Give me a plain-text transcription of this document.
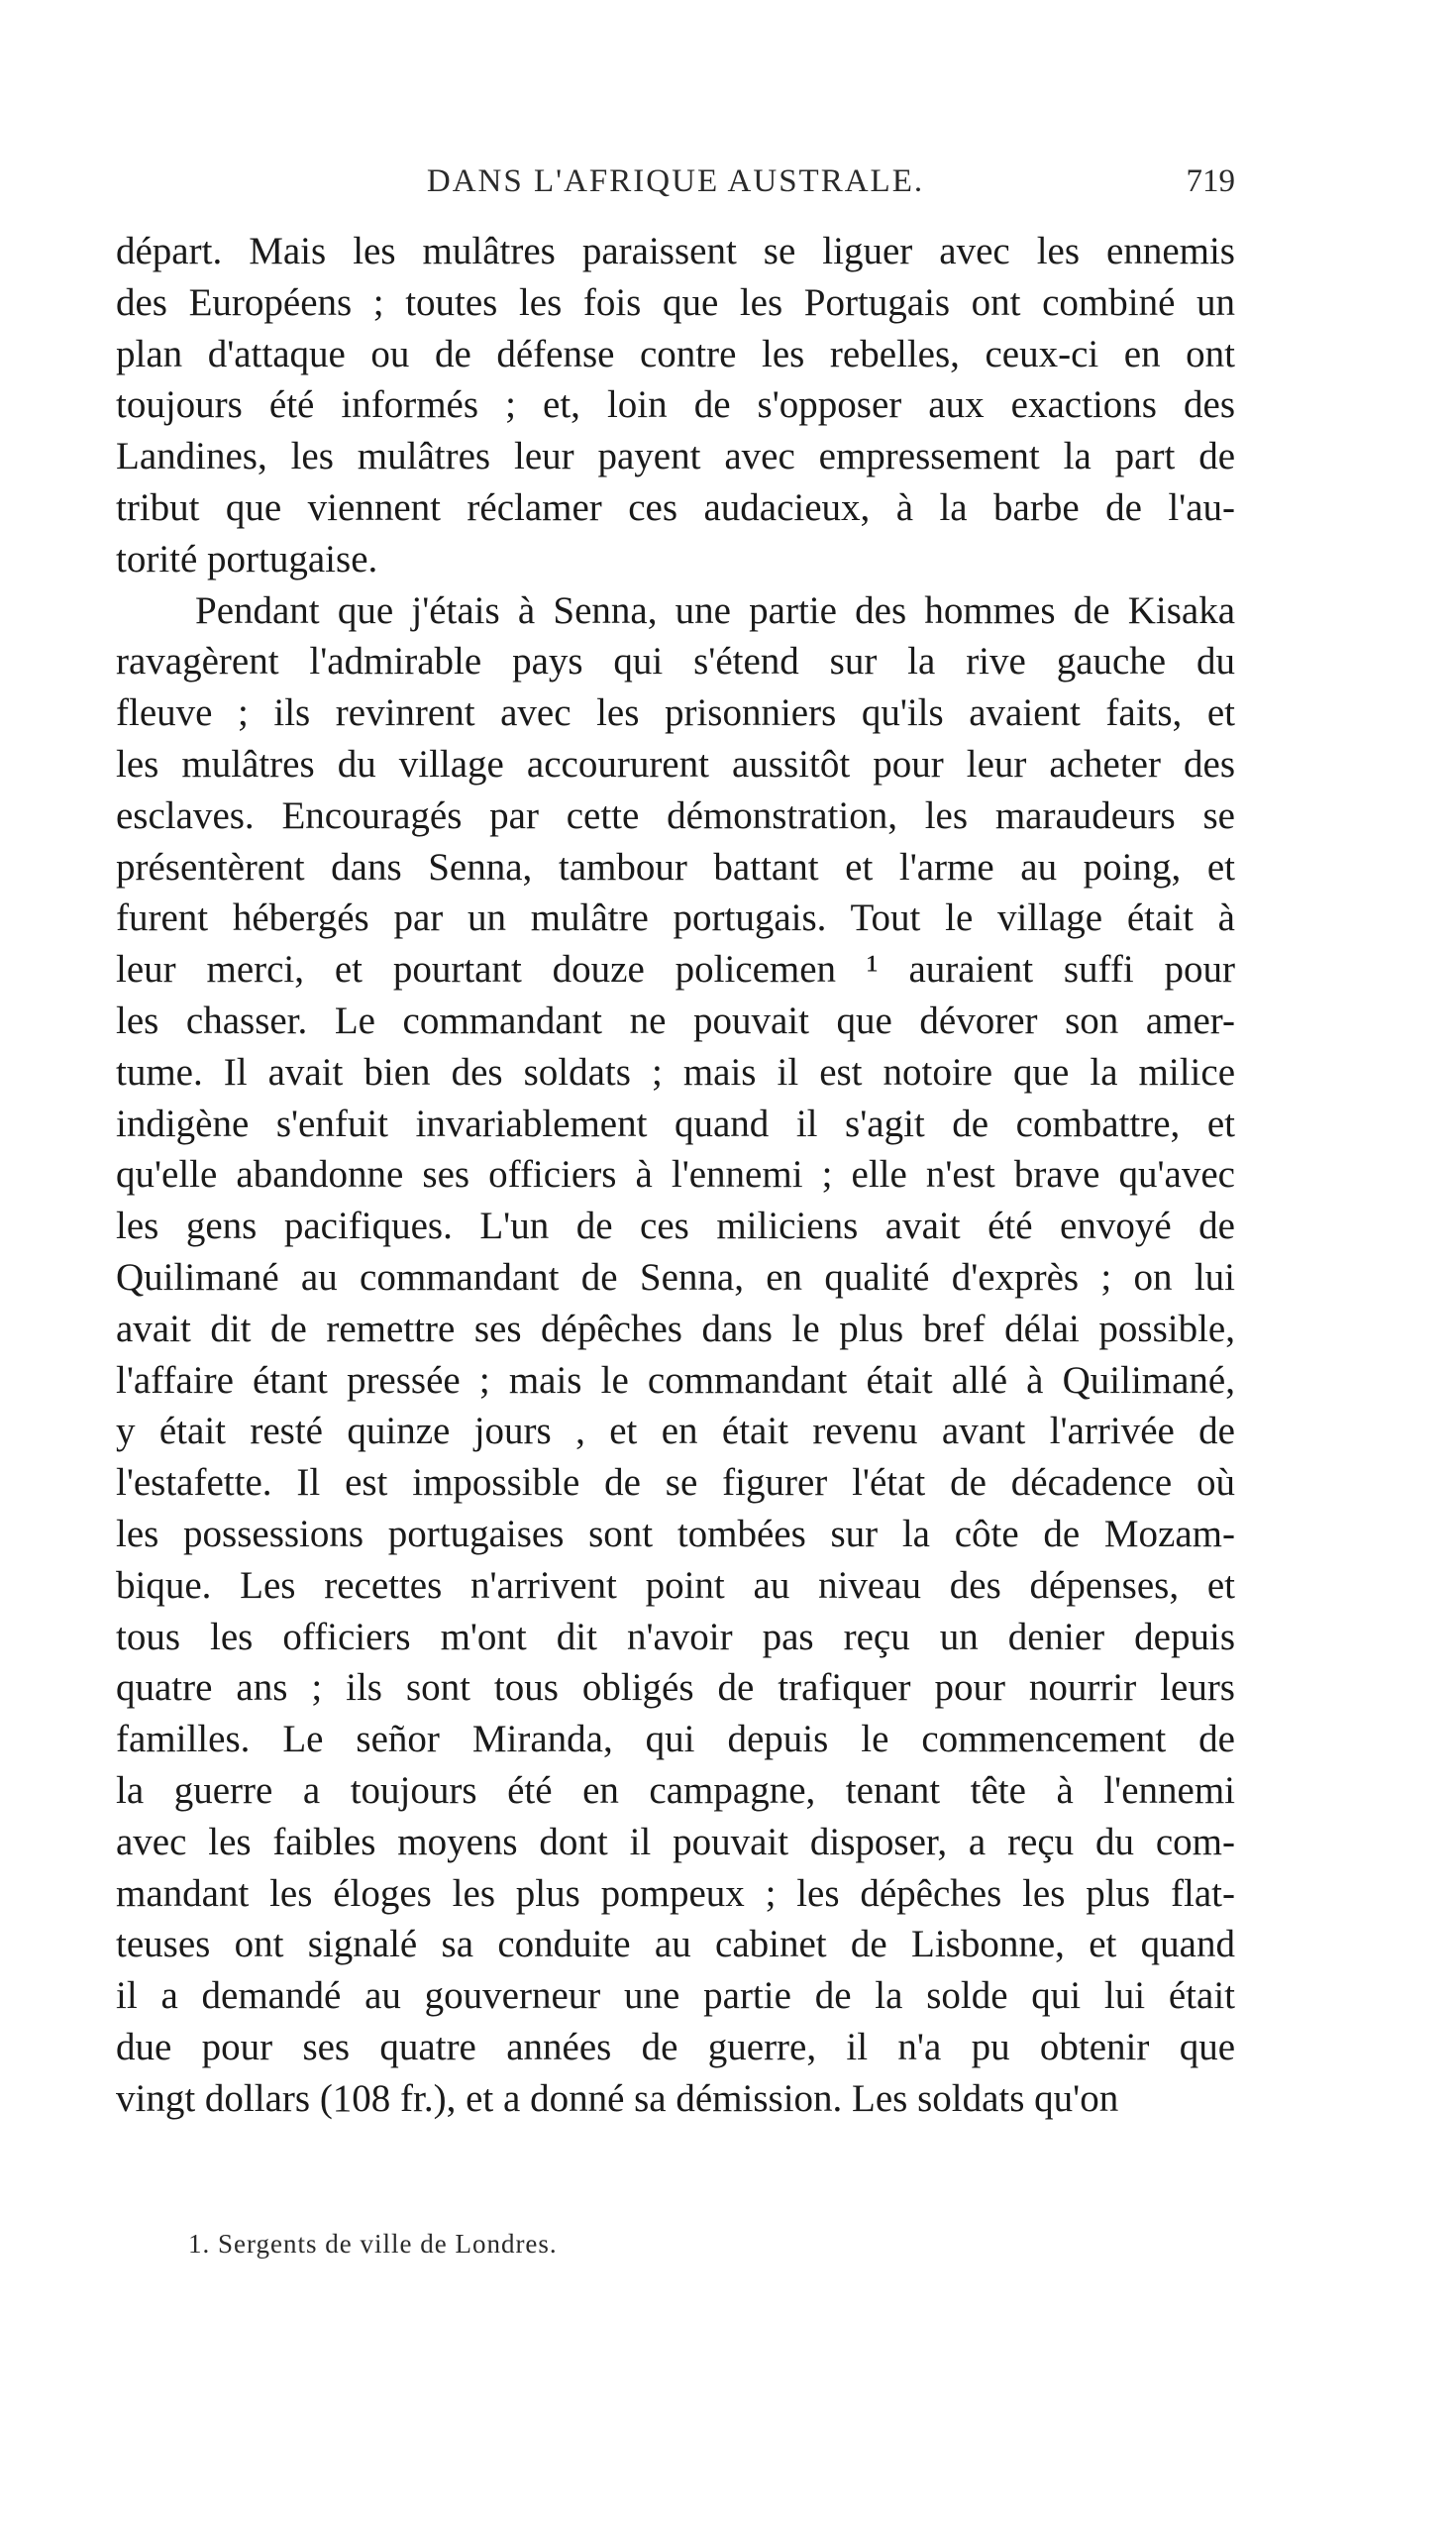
DANS L'AFRIQUE AUSTRALE.	719
départ. Mais les mulâtres paraissent se liguer avec les ennemis
des Européens ; toutes les fois que les Portugais ont combiné un
plan d'attaque ou de défense contre les rebelles, ceux-ci en ont
toujours été informés ; et, loin de s'opposer aux exactions des
Landines, les mulâtres leur payent avec empressement la part de
tribut que viennent réclamer ces audacieux, à la barbe de l'au-
torité portugaise.
Pendant que j'étais à Senna, une partie des hommes de Kisaka
ravagèrent l'admirable pays qui s'étend sur la rive gauche du
fleuve ; ils revinrent avec les prisonniers qu'ils avaient faits, et
les mulâtres du village accoururent aussitôt pour leur acheter des
esclaves. Encouragés par cette démonstration, les maraudeurs se
présentèrent dans Senna, tambour battant et l'arme au poing, et
furent hébergés par un mulâtre portugais. Tout le village était à
leur merci, et pourtant douze policemen ¹ auraient suffi pour
les chasser. Le commandant ne pouvait que dévorer son amer-
tume. Il avait bien des soldats ; mais il est notoire que la milice
indigène s'enfuit invariablement quand il s'agit de combattre, et
qu'elle abandonne ses officiers à l'ennemi ; elle n'est brave qu'avec
les gens pacifiques. L'un de ces miliciens avait été envoyé de
Quilimané au commandant de Senna, en qualité d'exprès ; on lui
avait dit de remettre ses dépêches dans le plus bref délai possible,
l'affaire étant pressée ; mais le commandant était allé à Quilimané,
y était resté quinze jours , et en était revenu avant l'arrivée de
l'estafette. Il est impossible de se figurer l'état de décadence où
les possessions portugaises sont tombées sur la côte de Mozam-
bique. Les recettes n'arrivent point au niveau des dépenses, et
tous les officiers m'ont dit n'avoir pas reçu un denier depuis
quatre ans ; ils sont tous obligés de trafiquer pour nourrir leurs
familles. Le señor Miranda, qui depuis le commencement de
la guerre a toujours été en campagne, tenant tête à l'ennemi
avec les faibles moyens dont il pouvait disposer, a reçu du com-
mandant les éloges les plus pompeux ; les dépêches les plus flat-
teuses ont signalé sa conduite au cabinet de Lisbonne, et quand
il a demandé au gouverneur une partie de la solde qui lui était
due pour ses quatre années de guerre, il n'a pu obtenir que
vingt dollars (108 fr.), et a donné sa démission. Les soldats qu'on
1. Sergents de ville de Londres.
